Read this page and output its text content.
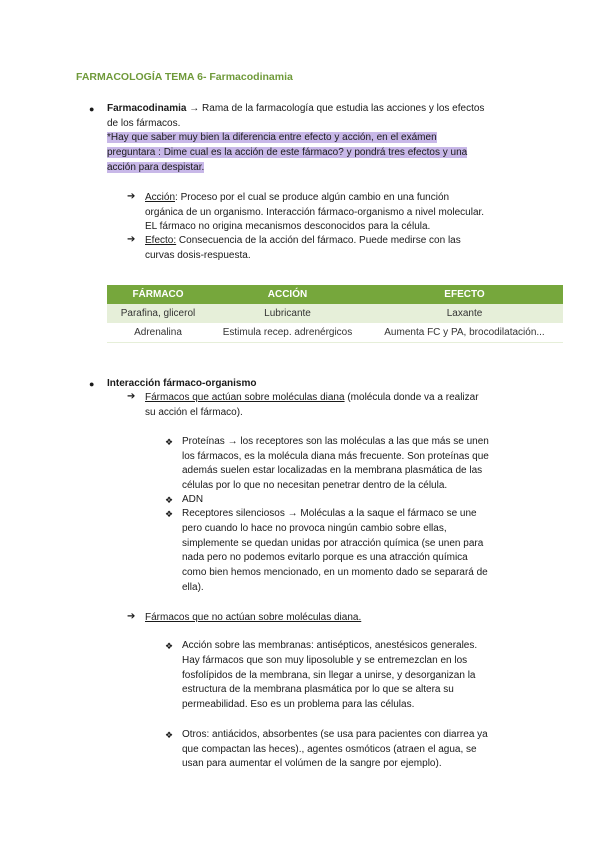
FARMACOLOGÍA TEMA 6- Farmacodinamia
● Farmacodinamia → Rama de la farmacología que estudia las acciones y los efectos
de los fármacos.
*Hay que saber muy bien la diferencia entre efecto y acción, en el exámen
preguntara : Dime cual es la acción de este fármaco? y pondrá tres efectos y una
acción para despistar.
➔ Acción: Proceso por el cual se produce algún cambio en una función
orgánica de un organismo. Interacción fármaco-organismo a nivel molecular.
EL fármaco no origina mecanismos desconocidos para la célula.
➔ Efecto: Consecuencia de la acción del fármaco. Puede medirse con las
curvas dosis-respuesta.
FÁRMACO	ACCIÓN	EFECTO
Parafina, glicerol	Lubricante	Laxante
Adrenalina	Estimula recep. adrenérgicos	Aumenta FC y PA, brocodilatación...
● Interacción fármaco-organismo
➔ Fármacos que actúan sobre moléculas diana (molécula donde va a realizar
su acción el fármaco).
❖ Proteínas → los receptores son las moléculas a las que más se unen
los fármacos, es la molécula diana más frecuente. Son proteínas que
además suelen estar localizadas en la membrana plasmática de las
células por lo que no necesitan penetrar dentro de la célula.
❖ ADN
❖ Receptores silenciosos → Moléculas a la saque el fármaco se une
pero cuando lo hace no provoca ningún cambio sobre ellas,
simplemente se quedan unidas por atracción química (se unen para
nada pero no podemos evitarlo porque es una atracción química
como bien hemos mencionado, en un momento dado se separará de
ella).
➔ Fármacos que no actúan sobre moléculas diana.
❖ Acción sobre las membranas: antisépticos, anestésicos generales.
Hay fármacos que son muy liposoluble y se entremezclan en los
fosfolípidos de la membrana, sin llegar a unirse, y desorganizan la
estructura de la membrana plasmática por lo que se altera su
permeabilidad. Eso es un problema para las células.
❖ Otros: antiácidos, absorbentes (se usa para pacientes con diarrea ya
que compactan las heces)., agentes osmóticos (atraen el agua, se
usan para aumentar el volúmen de la sangre por ejemplo).
